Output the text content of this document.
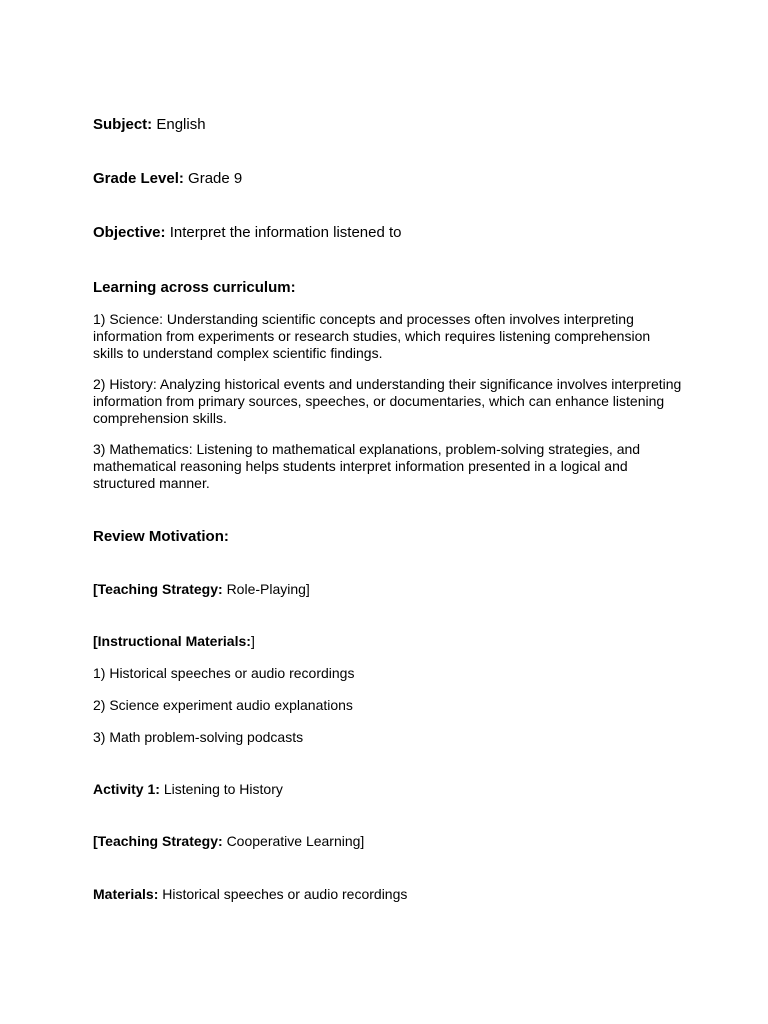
Subject: English

Grade Level: Grade 9

Objective: Interpret the information listened to

Learning across curriculum:

1) Science: Understanding scientific concepts and processes often involves interpreting information from experiments or research studies, which requires listening comprehension skills to understand complex scientific findings.

2) History: Analyzing historical events and understanding their significance involves interpreting information from primary sources, speeches, or documentaries, which can enhance listening comprehension skills.

3) Mathematics: Listening to mathematical explanations, problem-solving strategies, and mathematical reasoning helps students interpret information presented in a logical and structured manner.

Review Motivation:

[Teaching Strategy: Role-Playing]

[Instructional Materials:]

1) Historical speeches or audio recordings

2) Science experiment audio explanations

3) Math problem-solving podcasts

Activity 1: Listening to History

[Teaching Strategy: Cooperative Learning]

Materials: Historical speeches or audio recordings
